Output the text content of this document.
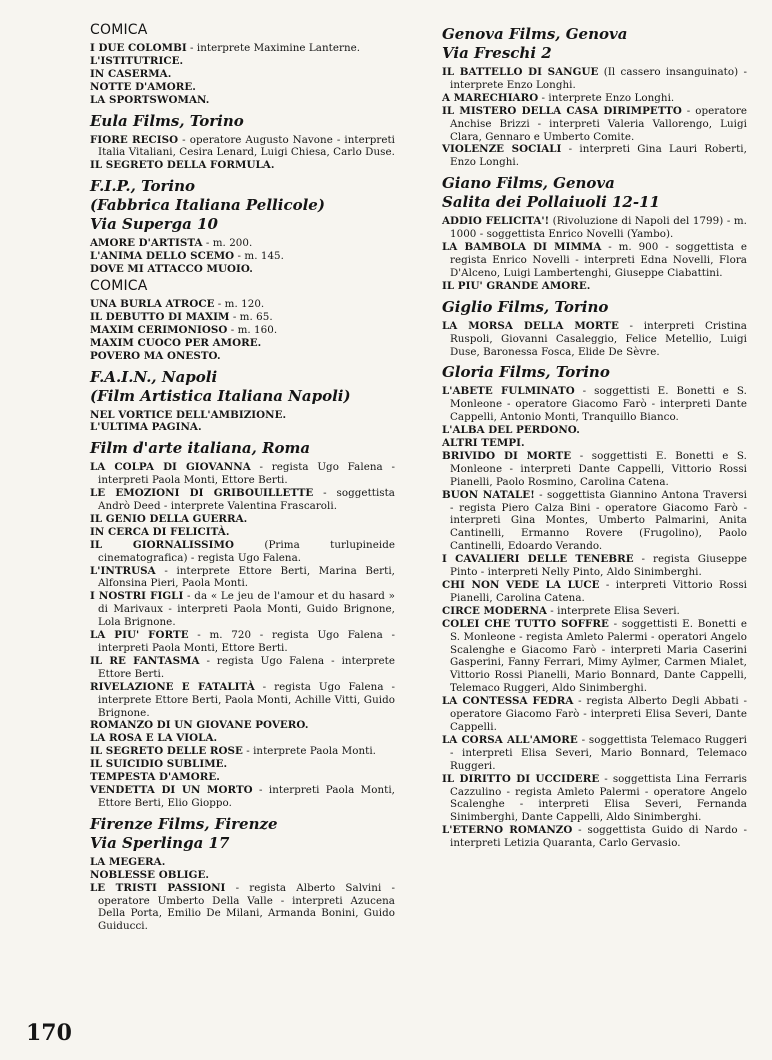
COMICA
I DUE COLOMBI - interprete Maximine Lanterne.
L'ISTITUTRICE.
IN CASERMA.
NOTTE D'AMORE.
LA SPORTSWOMAN.
Eula Films, Torino
FIORE RECISO - operatore Augusto Navone - interpreti Italia Vitaliani, Cesira Lenard, Luigi Chiesa, Carlo Duse.
IL SEGRETO DELLA FORMULA.
F.I.P., Torino
(Fabbrica Italiana Pellicole)
Via Superga 10
AMORE D'ARTISTA - m. 200.
L'ANIMA DELLO SCEMO - m. 145.
DOVE MI ATTACCO MUOIO.
COMICA
UNA BURLA ATROCE - m. 120.
IL DEBUTTO DI MAXIM - m. 65.
MAXIM CERIMONIOSO - m. 160.
MAXIM CUOCO PER AMORE.
POVERO MA ONESTO.
F.A.I.N., Napoli
(Film Artistica Italiana Napoli)
NEL VORTICE DELL'AMBIZIONE.
L'ULTIMA PAGINA.
Film d'arte italiana, Roma
LA COLPA DI GIOVANNA - regista Ugo Falena - interpreti Paola Monti, Ettore Berti.
LE EMOZIONI DI GRIBOUILLETTE - soggettista Andrò Deed - interprete Valentina Frascaroli.
IL GENIO DELLA GUERRA.
IN CERCA DI FELICITÀ.
IL GIORNALISSIMO (Prima turlupineide cinematografica) - regista Ugo Falena.
L'INTRUSA - interprete Ettore Berti, Marina Berti, Alfonsina Pieri, Paola Monti.
I NOSTRI FIGLI - da « Le jeu de l'amour et du hasard » di Marivaux - interpreti Paola Monti, Guido Brignone, Lola Brignone.
LA PIU' FORTE - m. 720 - regista Ugo Falena - interpreti Paola Monti, Ettore Berti.
IL RE FANTASMA - regista Ugo Falena - interprete Ettore Berti.
RIVELAZIONE E FATALITÀ - regista Ugo Falena - interprete Ettore Berti, Paola Monti, Achille Vitti, Guido Brignone.
ROMANZO DI UN GIOVANE POVERO.
LA ROSA E LA VIOLA.
IL SEGRETO DELLE ROSE - interprete Paola Monti.
IL SUICIDIO SUBLIME.
TEMPESTA D'AMORE.
VENDETTA DI UN MORTO - interpreti Paola Monti, Ettore Berti, Elio Gioppo.
Firenze Films, Firenze
Via Sperlinga 17
LA MEGERA.
NOBLESSE OBLIGE.
LE TRISTI PASSIONI - regista Alberto Salvini - operatore Umberto Della Valle - interpreti Azucena Della Porta, Emilio De Milani, Armanda Bonini, Guido Guiducci.
Genova Films, Genova
Via Freschi 2
IL BATTELLO DI SANGUE (Il cassero insanguinato) - interprete Enzo Longhi.
A MARECHIARO - interprete Enzo Longhi.
IL MISTERO DELLA CASA DIRIMPETTO - operatore Anchise Brizzi - interpreti Valeria Vallorengo, Luigi Clara, Gennaro e Umberto Comite.
VIOLENZE SOCIALI - interpreti Gina Lauri Roberti, Enzo Longhi.
Giano Films, Genova
Salita dei Pollaiuoli 12-11
ADDIO FELICITA'! (Rivoluzione di Napoli del 1799) - m. 1000 - soggettista Enrico Novelli (Yambo).
LA BAMBOLA DI MIMMA - m. 900 - soggettista e regista Enrico Novelli - interpreti Edna Novelli, Flora D'Alceno, Luigi Lambertenghi, Giuseppe Ciabattini.
IL PIU' GRANDE AMORE.
Giglio Films, Torino
LA MORSA DELLA MORTE - interpreti Cristina Ruspoli, Giovanni Casaleggio, Felice Metellio, Luigi Duse, Baronessa Fosca, Elide De Sèvre.
Gloria Films, Torino
L'ABETE FULMINATO - soggettisti E. Bonetti e S. Monleone - operatore Giacomo Farò - interpreti Dante Cappelli, Antonio Monti, Tranquillo Bianco.
L'ALBA DEL PERDONO.
ALTRI TEMPI.
BRIVIDO DI MORTE - soggettisti E. Bonetti e S. Monleone - interpreti Dante Cappelli, Vittorio Rossi Pianelli, Paolo Rosmino, Carolina Catena.
BUON NATALE! - soggettista Giannino Antona Traversi - regista Piero Calza Bini - operatore Giacomo Farò - interpreti Gina Montes, Umberto Palmarini, Anita Cantinelli, Ermanno Rovere (Frugolino), Paolo Cantinelli, Edoardo Verando.
I CAVALIERI DELLE TENEBRE - regista Giuseppe Pinto - interpreti Nelly Pinto, Aldo Sinimberghi.
CHI NON VEDE LA LUCE - interpreti Vittorio Rossi Pianelli, Carolina Catena.
CIRCE MODERNA - interprete Elisa Severi.
COLEI CHE TUTTO SOFFRE - soggettisti E. Bonetti e S. Monleone - regista Amleto Palermi - operatori Angelo Scalenghe e Giacomo Farò - interpreti Maria Caserini Gasperini, Fanny Ferrari, Mimy Aylmer, Carmen Mialet, Vittorio Rossi Pianelli, Mario Bonnard, Dante Cappelli, Telemaco Ruggeri, Aldo Sinimberghi.
LA CONTESSA FEDRA - regista Alberto Degli Abbati - operatore Giacomo Farò - interpreti Elisa Severi, Dante Cappelli.
LA CORSA ALL'AMORE - soggettista Telemaco Ruggeri - interpreti Elisa Severi, Mario Bonnard, Telemaco Ruggeri.
IL DIRITTO DI UCCIDERE - soggettista Lina Ferraris Cazzulino - regista Amleto Palermi - operatore Angelo Scalenghe - interpreti Elisa Severi, Fernanda Sinimberghi, Dante Cappelli, Aldo Sinimberghi.
L'ETERNO ROMANZO - soggettista Guido di Nardo - interpreti Letizia Quaranta, Carlo Gervasio.
170
